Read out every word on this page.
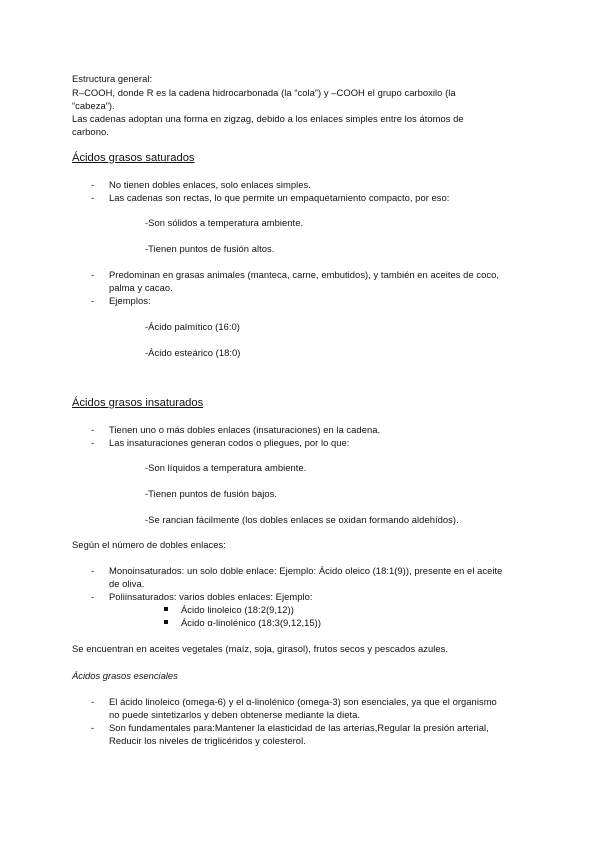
Estructura general:
R–COOH, donde R es la cadena hidrocarbonada (la “cola”) y –COOH el grupo carboxilo (la
“cabeza”).
Las cadenas adoptan una forma en zigzag, debido a los enlaces simples entre los átomos de
carbono.
Ácidos grasos saturados
- No tienen dobles enlaces, solo enlaces simples.
- Las cadenas son rectas, lo que permite un empaquetamiento compacto, por eso:
-Son sólidos a temperatura ambiente.
-Tienen puntos de fusión altos.
- Predominan en grasas animales (manteca, carne, embutidos), y también en aceites de coco,
palma y cacao.
- Ejemplos:
-Ácido palmítico (16:0)
-Ácido esteárico (18:0)
Ácidos grasos insaturados
- Tienen uno o más dobles enlaces (insaturaciones) en la cadena.
- Las insaturaciones generan codos o pliegues, por lo que:
-Son líquidos a temperatura ambiente.
-Tienen puntos de fusión bajos.
-Se rancian fácilmente (los dobles enlaces se oxidan formando aldehídos).
Según el número de dobles enlaces:
- Monoinsaturados: un solo doble enlace: Ejemplo: Ácido oleico (18:1(9)), presente en el aceite
de oliva.
- Poliinsaturados: varios dobles enlaces: Ejemplo:
Ácido linoleico (18:2(9,12))
Ácido α-linolénico (18:3(9,12,15))
Se encuentran en aceites vegetales (maíz, soja, girasol), frutos secos y pescados azules.
Ácidos grasos esenciales
- El ácido linoleico (omega-6) y el α-linolénico (omega-3) son esenciales, ya que el organismo
no puede sintetizarlos y deben obtenerse mediante la dieta.
- Son fundamentales para:Mantener la elasticidad de las arterias,Regular la presión arterial,
Reducir los niveles de triglicéridos y colesterol.
